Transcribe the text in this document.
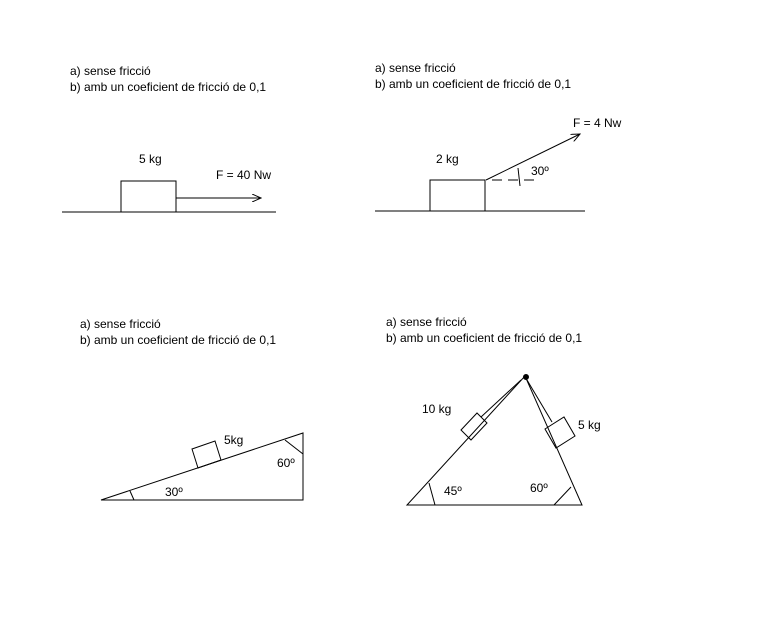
a) sense fricció
b) amb un coeficient de fricció de 0,1
5 kg
F = 40 Nw
a) sense fricció
b) amb un coeficient de fricció de 0,1
2 kg
F = 4 Nw
30º
a) sense fricció
b) amb un coeficient de fricció de 0,1
5kg
60º
30º
a) sense fricció
b) amb un coeficient de fricció de 0,1
10 kg
5 kg
45º	60º
